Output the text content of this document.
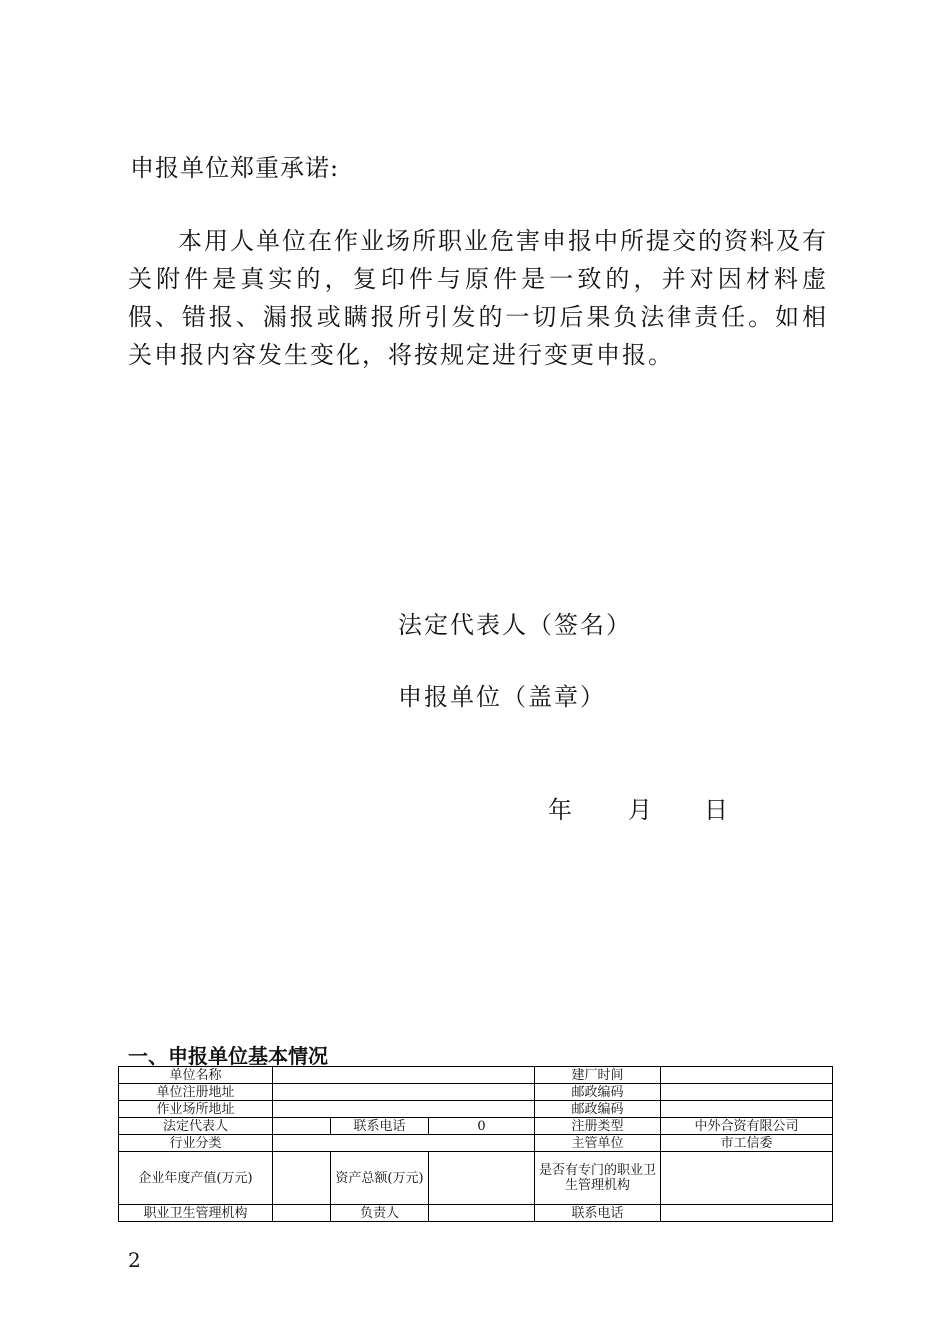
申报单位郑重承诺:
本用人单位在作业场所职业危害申报中所提交的资料及有关附件是真实的，复印件与原件是一致的，并对因材料虚假、错报、漏报或瞒报所引发的一切后果负法律责任。如相关申报内容发生变化，将按规定进行变更申报。
法定代表人（签名）
申报单位（盖章）
年 月 日
一、申报单位基本情况
单位名称				建厂时间	
单位注册地址				邮政编码	
作业场所地址				邮政编码	
法定代表人		联系电话	0	注册类型	中外合资有限公司
行业分类				主管单位	市工信委
企业年度产值(万元)		资产总额(万元)		是否有专门的职业卫生管理机构	
职业卫生管理机构		负责人		联系电话	
2
